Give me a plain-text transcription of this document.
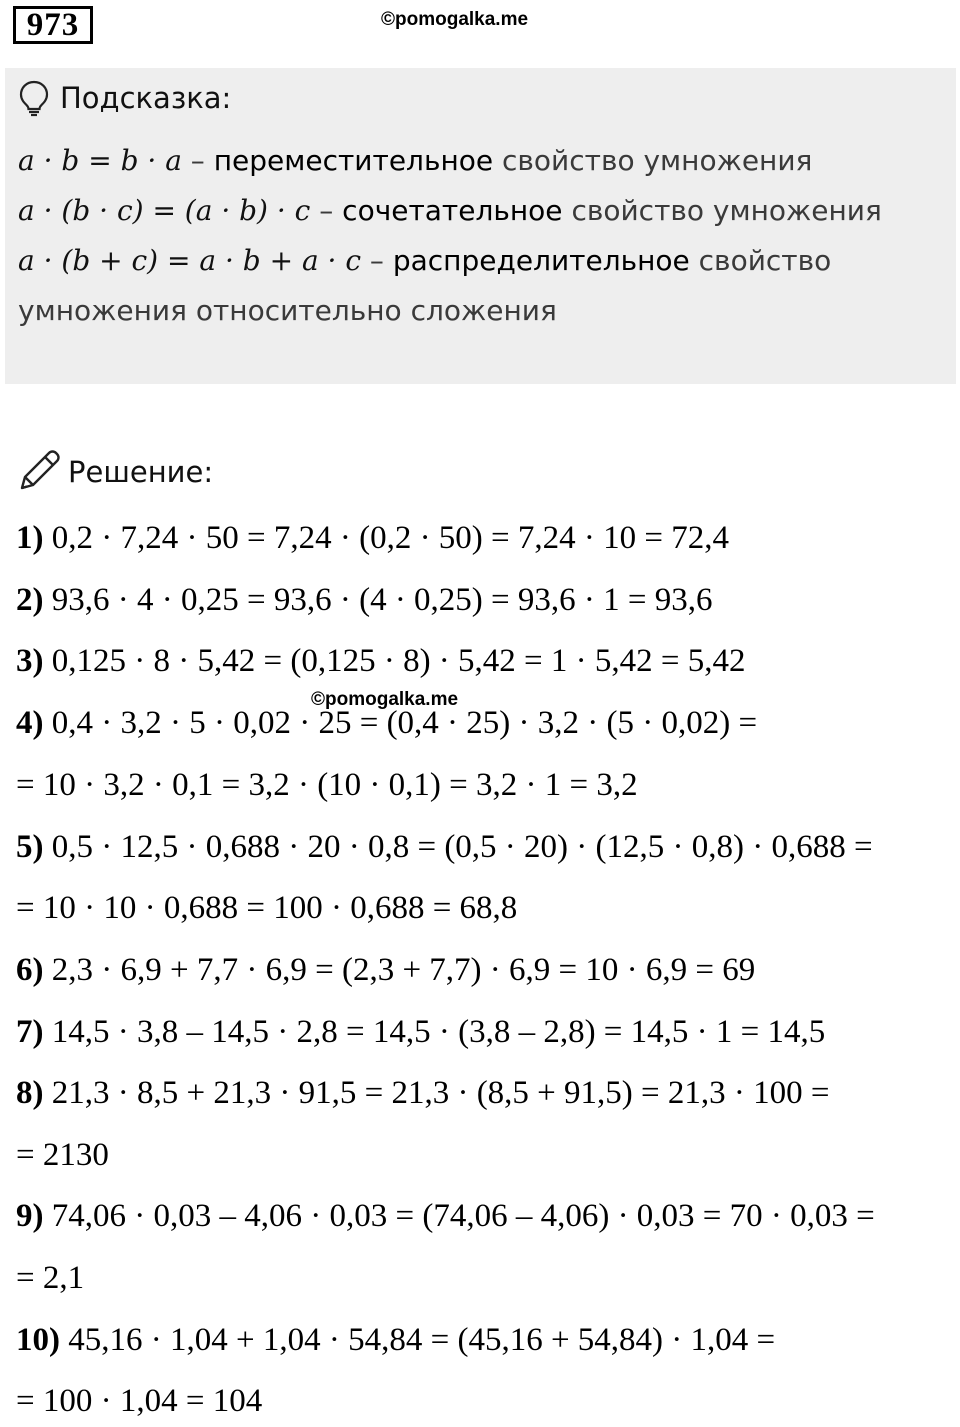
973	©pomogalka.me
Подсказка:
a · b = b · a – переместительное свойство умножения
a · (b · c) = (a · b) · c – сочетательное свойство умножения
a · (b + c) = a · b + a · c – распределительное свойство
умножения относительно сложения
Решение:
1) 0,2 · 7,24 · 50 = 7,24 · (0,2 · 50) = 7,24 · 10 = 72,4
2) 93,6 · 4 · 0,25 = 93,6 · (4 · 0,25) = 93,6 · 1 = 93,6
3) 0,125 · 8 · 5,42 = (0,125 · 8) · 5,42 = 1 · 5,42 = 5,42
4) 0,4 · 3,2 · 5 · 0,02 · 25 = (0,4 · 25) · 3,2 · (5 · 0,02) =
= 10 · 3,2 · 0,1 = 3,2 · (10 · 0,1) = 3,2 · 1 = 3,2
5) 0,5 · 12,5 · 0,688 · 20 · 0,8 = (0,5 · 20) · (12,5 · 0,8) · 0,688 =
= 10 · 10 · 0,688 = 100 · 0,688 = 68,8
6) 2,3 · 6,9 + 7,7 · 6,9 = (2,3 + 7,7) · 6,9 = 10 · 6,9 = 69
7) 14,5 · 3,8 – 14,5 · 2,8 = 14,5 · (3,8 – 2,8) = 14,5 · 1 = 14,5
8) 21,3 · 8,5 + 21,3 · 91,5 = 21,3 · (8,5 + 91,5) = 21,3 · 100 =
= 2130
9) 74,06 · 0,03 – 4,06 · 0,03 = (74,06 – 4,06) · 0,03 = 70 · 0,03 =
= 2,1
10) 45,16 · 1,04 + 1,04 · 54,84 = (45,16 + 54,84) · 1,04 =
= 100 · 1,04 = 104
©pomogalka.me
